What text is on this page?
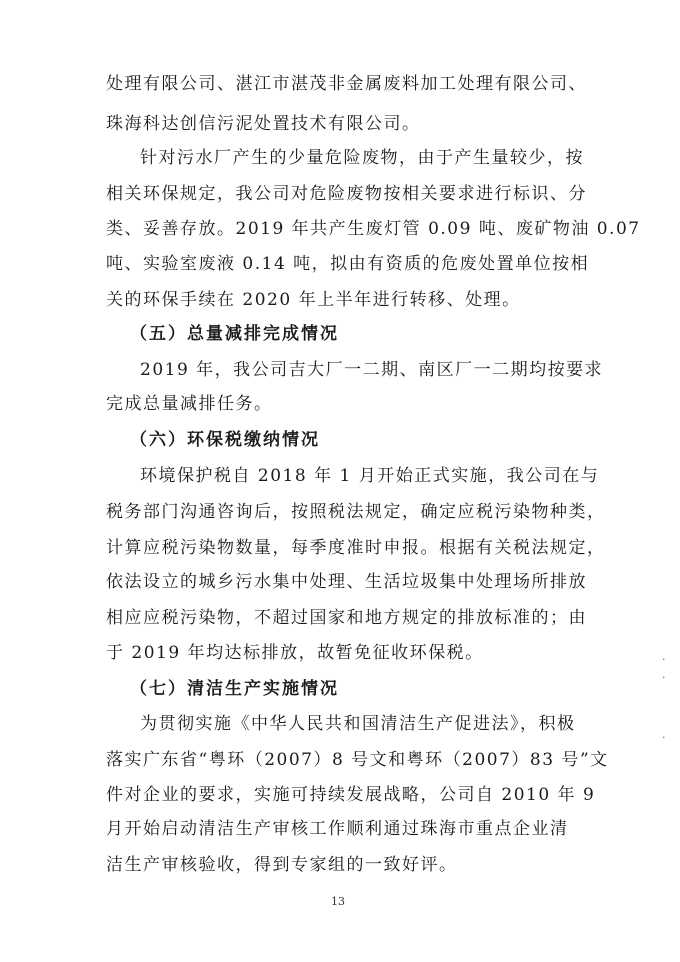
处理有限公司、湛江市湛茂非金属废料加工处理有限公司、
珠海科达创信污泥处置技术有限公司。
针对污水厂产生的少量危险废物，由于产生量较少，按
相关环保规定，我公司对危险废物按相关要求进行标识、分
类、妥善存放。2019 年共产生废灯管 0.09 吨、废矿物油 0.07
吨、实验室废液 0.14 吨，拟由有资质的危废处置单位按相
关的环保手续在 2020 年上半年进行转移、处理。
（五）总量减排完成情况
2019 年，我公司吉大厂一二期、南区厂一二期均按要求
完成总量减排任务。
（六）环保税缴纳情况
环境保护税自 2018 年 1 月开始正式实施，我公司在与
税务部门沟通咨询后，按照税法规定，确定应税污染物种类，
计算应税污染物数量，每季度准时申报。根据有关税法规定，
依法设立的城乡污水集中处理、生活垃圾集中处理场所排放
相应应税污染物，不超过国家和地方规定的排放标准的；由
于 2019 年均达标排放，故暂免征收环保税。
（七）清洁生产实施情况
为贯彻实施《中华人民共和国清洁生产促进法》，积极
落实广东省“粤环（2007）8 号文和粤环（2007）83 号”文
件对企业的要求，实施可持续发展战略，公司自 2010 年 9
月开始启动清洁生产审核工作顺利通过珠海市重点企业清
洁生产审核验收，得到专家组的一致好评。
13
.
.
.
